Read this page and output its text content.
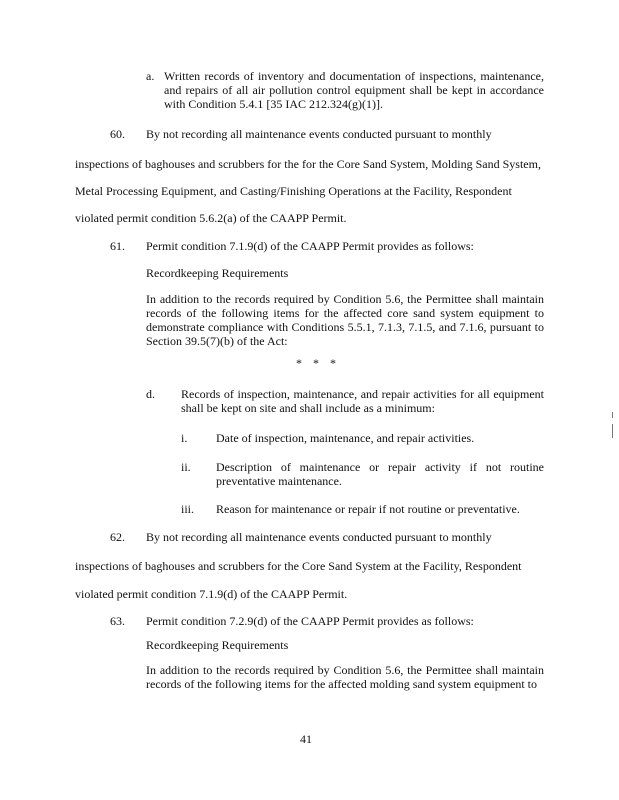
a. Written records of inventory and documentation of inspections, maintenance, and repairs of all air pollution control equipment shall be kept in accordance with Condition 5.4.1 [35 IAC 212.324(g)(1)].
60. By not recording all maintenance events conducted pursuant to monthly
inspections of baghouses and scrubbers for the for the Core Sand System, Molding Sand System,
Metal Processing Equipment, and Casting/Finishing Operations at the Facility, Respondent
violated permit condition 5.6.2(a) of the CAAPP Permit.
61. Permit condition 7.1.9(d) of the CAAPP Permit provides as follows:
Recordkeeping Requirements
In addition to the records required by Condition 5.6, the Permittee shall maintain records of the following items for the affected core sand system equipment to demonstrate compliance with Conditions 5.5.1, 7.1.3, 7.1.5, and 7.1.6, pursuant to Section 39.5(7)(b) of the Act:
* * *
d. Records of inspection, maintenance, and repair activities for all equipment shall be kept on site and shall include as a minimum:
i. Date of inspection, maintenance, and repair activities.
ii. Description of maintenance or repair activity if not routine preventative maintenance.
iii. Reason for maintenance or repair if not routine or preventative.
62. By not recording all maintenance events conducted pursuant to monthly
inspections of baghouses and scrubbers for the Core Sand System at the Facility, Respondent
violated permit condition 7.1.9(d) of the CAAPP Permit.
63. Permit condition 7.2.9(d) of the CAAPP Permit provides as follows:
Recordkeeping Requirements
In addition to the records required by Condition 5.6, the Permittee shall maintain records of the following items for the affected molding sand system equipment to
41
